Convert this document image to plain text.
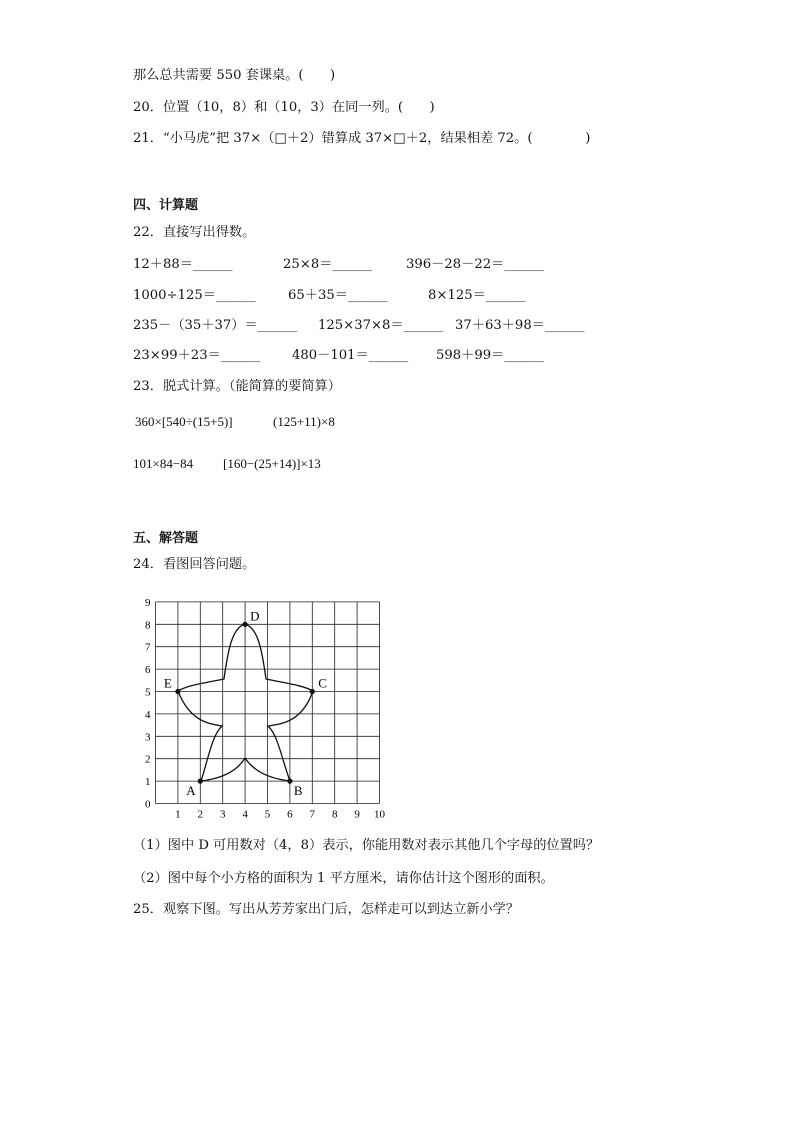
那么总共需要 550 套课桌。(　　)
20．位置（10，8）和（10，3）在同一列。(　　)
21．“小马虎”把 37×（□＋2）错算成 37×□＋2，结果相差 72。(　　　　)
四、计算题
22．直接写出得数。
12＋88＝______	25×8＝______	396－28－22＝______
1000÷125＝______ 65＋35＝______	8×125＝______
235－（35＋37）＝______ 125×37×8＝______ 37＋63＋98＝______
23×99＋23＝______ 480－101＝______ 598＋99＝______
23．脱式计算。（能简算的要简算）
360×[540÷(15+5)]	(125+11)×8
101×84−84 [160−(25+14)]×13
五、解答题
24．看图回答问题。
1 2 3 4 5 6 7 8 9 10
0
1
2
3
4
5
6
7
8
9
A	B
C
D
E
（1）图中 D 可用数对（4，8）表示，你能用数对表示其他几个字母的位置吗？
（2）图中每个小方格的面积为 1 平方厘米，请你估计这个图形的面积。
25．观察下图。写出从芳芳家出门后，怎样走可以到达立新小学？
